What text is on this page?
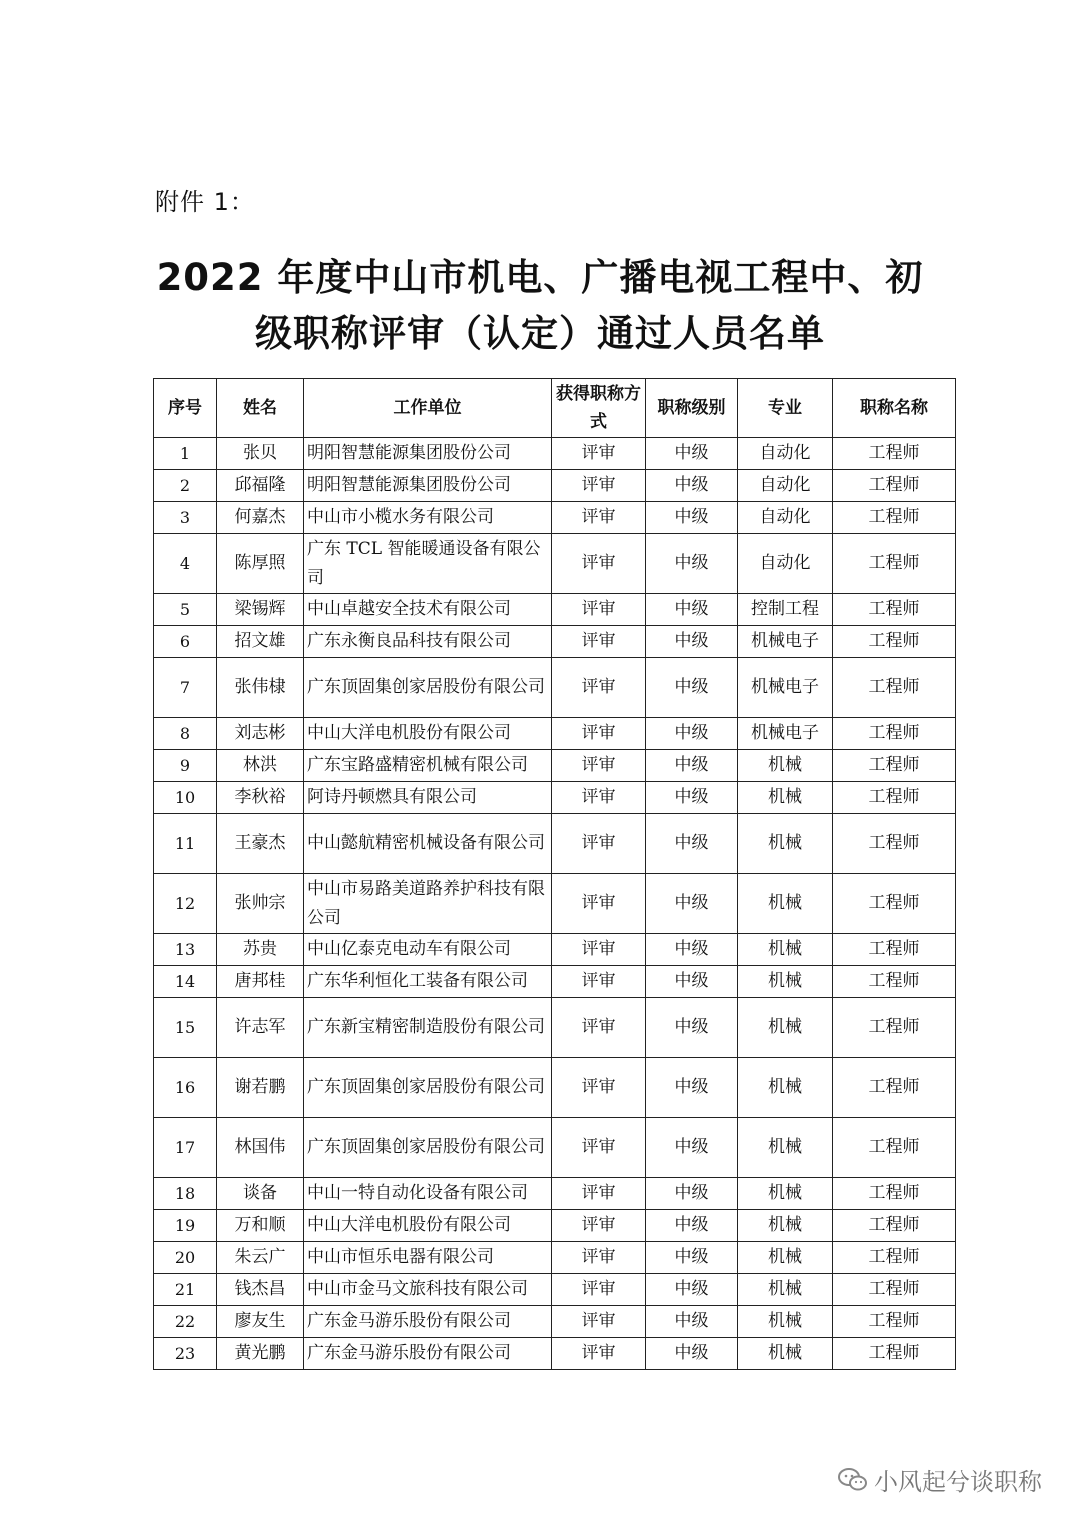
附件 1：
2022 年度中山市机电、广播电视工程中、初
级职称评审（认定）通过人员名单
序号	姓名	工作单位	获得职称方式	职称级别	专业	职称名称
1	张贝	明阳智慧能源集团股份公司	评审	中级	自动化	工程师
2	邱福隆	明阳智慧能源集团股份公司	评审	中级	自动化	工程师
3	何嘉杰	中山市小榄水务有限公司	评审	中级	自动化	工程师
4	陈厚照	广东 TCL 智能暖通设备有限公司	评审	中级	自动化	工程师
5	梁锡辉	中山卓越安全技术有限公司	评审	中级	控制工程	工程师
6	招文雄	广东永衡良品科技有限公司	评审	中级	机械电子	工程师
7	张伟棣	广东顶固集创家居股份有限公司	评审	中级	机械电子	工程师
8	刘志彬	中山大洋电机股份有限公司	评审	中级	机械电子	工程师
9	林洪	广东宝路盛精密机械有限公司	评审	中级	机械	工程师
10	李秋裕	阿诗丹顿燃具有限公司	评审	中级	机械	工程师
11	王豪杰	中山懿航精密机械设备有限公司	评审	中级	机械	工程师
12	张帅宗	中山市易路美道路养护科技有限公司	评审	中级	机械	工程师
13	苏贵	中山亿泰克电动车有限公司	评审	中级	机械	工程师
14	唐邦桂	广东华利恒化工装备有限公司	评审	中级	机械	工程师
15	许志军	广东新宝精密制造股份有限公司	评审	中级	机械	工程师
16	谢若鹏	广东顶固集创家居股份有限公司	评审	中级	机械	工程师
17	林国伟	广东顶固集创家居股份有限公司	评审	中级	机械	工程师
18	谈备	中山一特自动化设备有限公司	评审	中级	机械	工程师
19	万和顺	中山大洋电机股份有限公司	评审	中级	机械	工程师
20	朱云广	中山市恒乐电器有限公司	评审	中级	机械	工程师
21	钱杰昌	中山市金马文旅科技有限公司	评审	中级	机械	工程师
22	廖友生	广东金马游乐股份有限公司	评审	中级	机械	工程师
23	黄光鹏	广东金马游乐股份有限公司	评审	中级	机械	工程师
小风起兮谈职称
